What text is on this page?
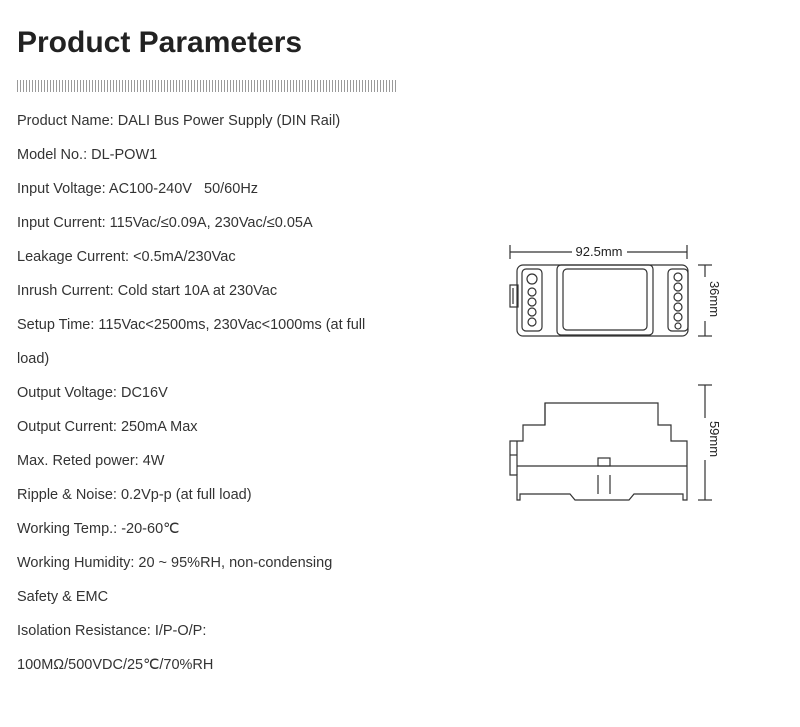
Product Parameters
Product Name: DALI Bus Power Supply (DIN Rail)
Model No.: DL-POW1
Input Voltage: AC100-240V   50/60Hz
Input Current: 115Vac/≤0.09A, 230Vac/≤0.05A
Leakage Current: <0.5mA/230Vac
Inrush Current: Cold start 10A at 230Vac
Setup Time: 115Vac<2500ms, 230Vac<1000ms (at full
load)
Output Voltage: DC16V
Output Current: 250mA Max
Max. Reted power: 4W
Ripple & Noise: 0.2Vp-p (at full load)
Working Temp.: -20-60℃
Working Humidity: 20 ~ 95%RH, non-condensing
Safety & EMC
Isolation Resistance: I/P-O/P:
100MΩ/500VDC/25℃/70%RH
92.5mm
36mm
59mm
